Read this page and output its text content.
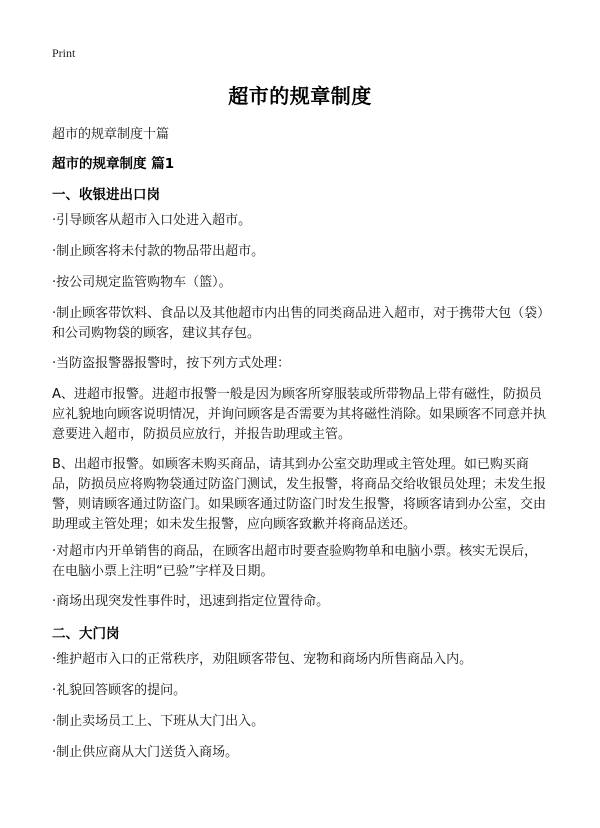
Print
超市的规章制度
超市的规章制度十篇
超市的规章制度 篇1
一、收银进出口岗
·引导顾客从超市入口处进入超市。
·制止顾客将未付款的物品带出超市。
·按公司规定监管购物车（篮）。
·制止顾客带饮料、食品以及其他超市内出售的同类商品进入超市，对于携带大包（袋）和公司购物袋的顾客，建议其存包。
·当防盗报警器报警时，按下列方式处理：
A、进超市报警。进超市报警一般是因为顾客所穿服装或所带物品上带有磁性，防损员应礼貌地向顾客说明情况，并询问顾客是否需要为其将磁性消除。如果顾客不同意并执意要进入超市，防损员应放行，并报告助理或主管。
B、出超市报警。如顾客未购买商品，请其到办公室交助理或主管处理。如已购买商品，防损员应将购物袋通过防盗门测试，发生报警，将商品交给收银员处理；未发生报警，则请顾客通过防盗门。如果顾客通过防盗门时发生报警，将顾客请到办公室，交由助理或主管处理；如未发生报警，应向顾客致歉并将商品送还。
·对超市内开单销售的商品，在顾客出超市时要查验购物单和电脑小票。核实无误后，在电脑小票上注明“已验”字样及日期。
·商场出现突发性事件时，迅速到指定位置待命。
二、大门岗
·维护超市入口的正常秩序，劝阻顾客带包、宠物和商场内所售商品入内。
·礼貌回答顾客的提问。
·制止卖场员工上、下班从大门出入。
·制止供应商从大门送货入商场。
